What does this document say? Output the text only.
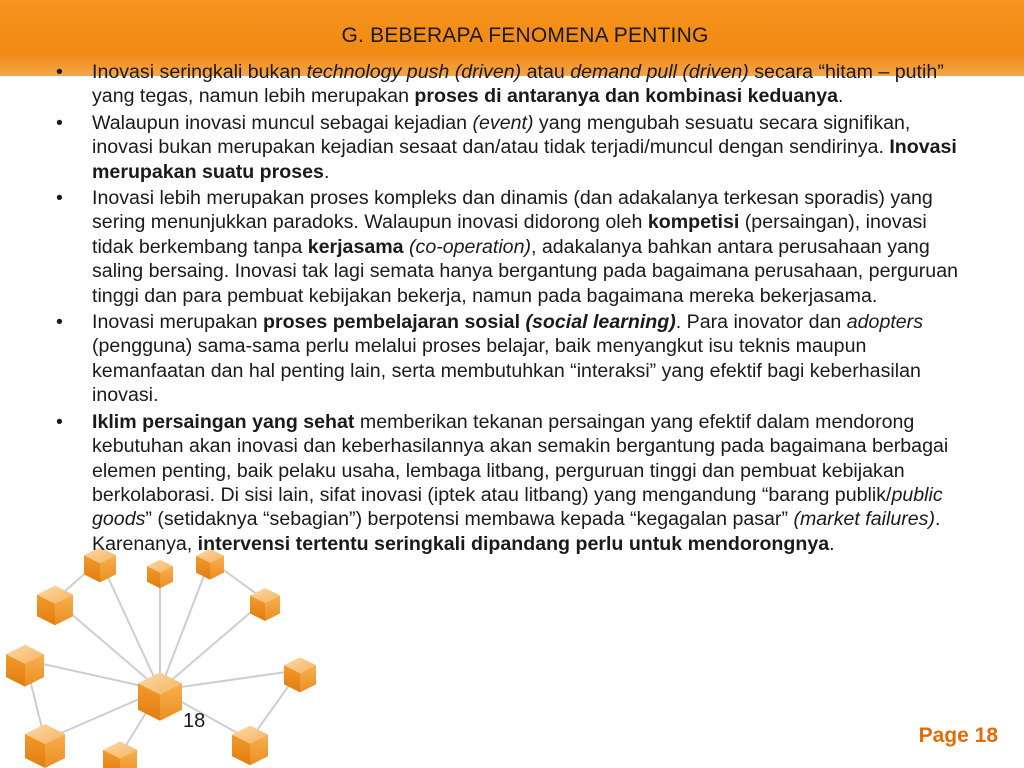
G. BEBERAPA FENOMENA PENTING
• Inovasi seringkali bukan technology push (driven) atau demand pull (driven) secara “hitam – putih” yang tegas, namun lebih merupakan proses di antaranya dan kombinasi keduanya.
• Walaupun inovasi muncul sebagai kejadian (event) yang mengubah sesuatu secara signifikan, inovasi bukan merupakan kejadian sesaat dan/atau tidak terjadi/muncul dengan sendirinya. Inovasi merupakan suatu proses.
• Inovasi lebih merupakan proses kompleks dan dinamis (dan adakalanya terkesan sporadis) yang sering menunjukkan paradoks. Walaupun inovasi didorong oleh kompetisi (persaingan), inovasi tidak berkembang tanpa kerjasama (co-operation), adakalanya bahkan antara perusahaan yang saling bersaing. Inovasi tak lagi semata hanya bergantung pada bagaimana perusahaan, perguruan tinggi dan para pembuat kebijakan bekerja, namun pada bagaimana mereka bekerjasama.
• Inovasi merupakan proses pembelajaran sosial (social learning). Para inovator dan adopters (pengguna) sama-sama perlu melalui proses belajar, baik menyangkut isu teknis maupun kemanfaatan dan hal penting lain, serta membutuhkan “interaksi” yang efektif bagi keberhasilan inovasi.
• Iklim persaingan yang sehat memberikan tekanan persaingan yang efektif dalam mendorong kebutuhan akan inovasi dan keberhasilannya akan semakin bergantung pada bagaimana berbagai elemen penting, baik pelaku usaha, lembaga litbang, perguruan tinggi dan pembuat kebijakan berkolaborasi. Di sisi lain, sifat inovasi (iptek atau litbang) yang mengandung “barang publik/public goods” (setidaknya “sebagian”) berpotensi membawa kepada “kegagalan pasar” (market failures). Karenanya, intervensi tertentu seringkali dipandang perlu untuk mendorongnya.
18
Page 18
